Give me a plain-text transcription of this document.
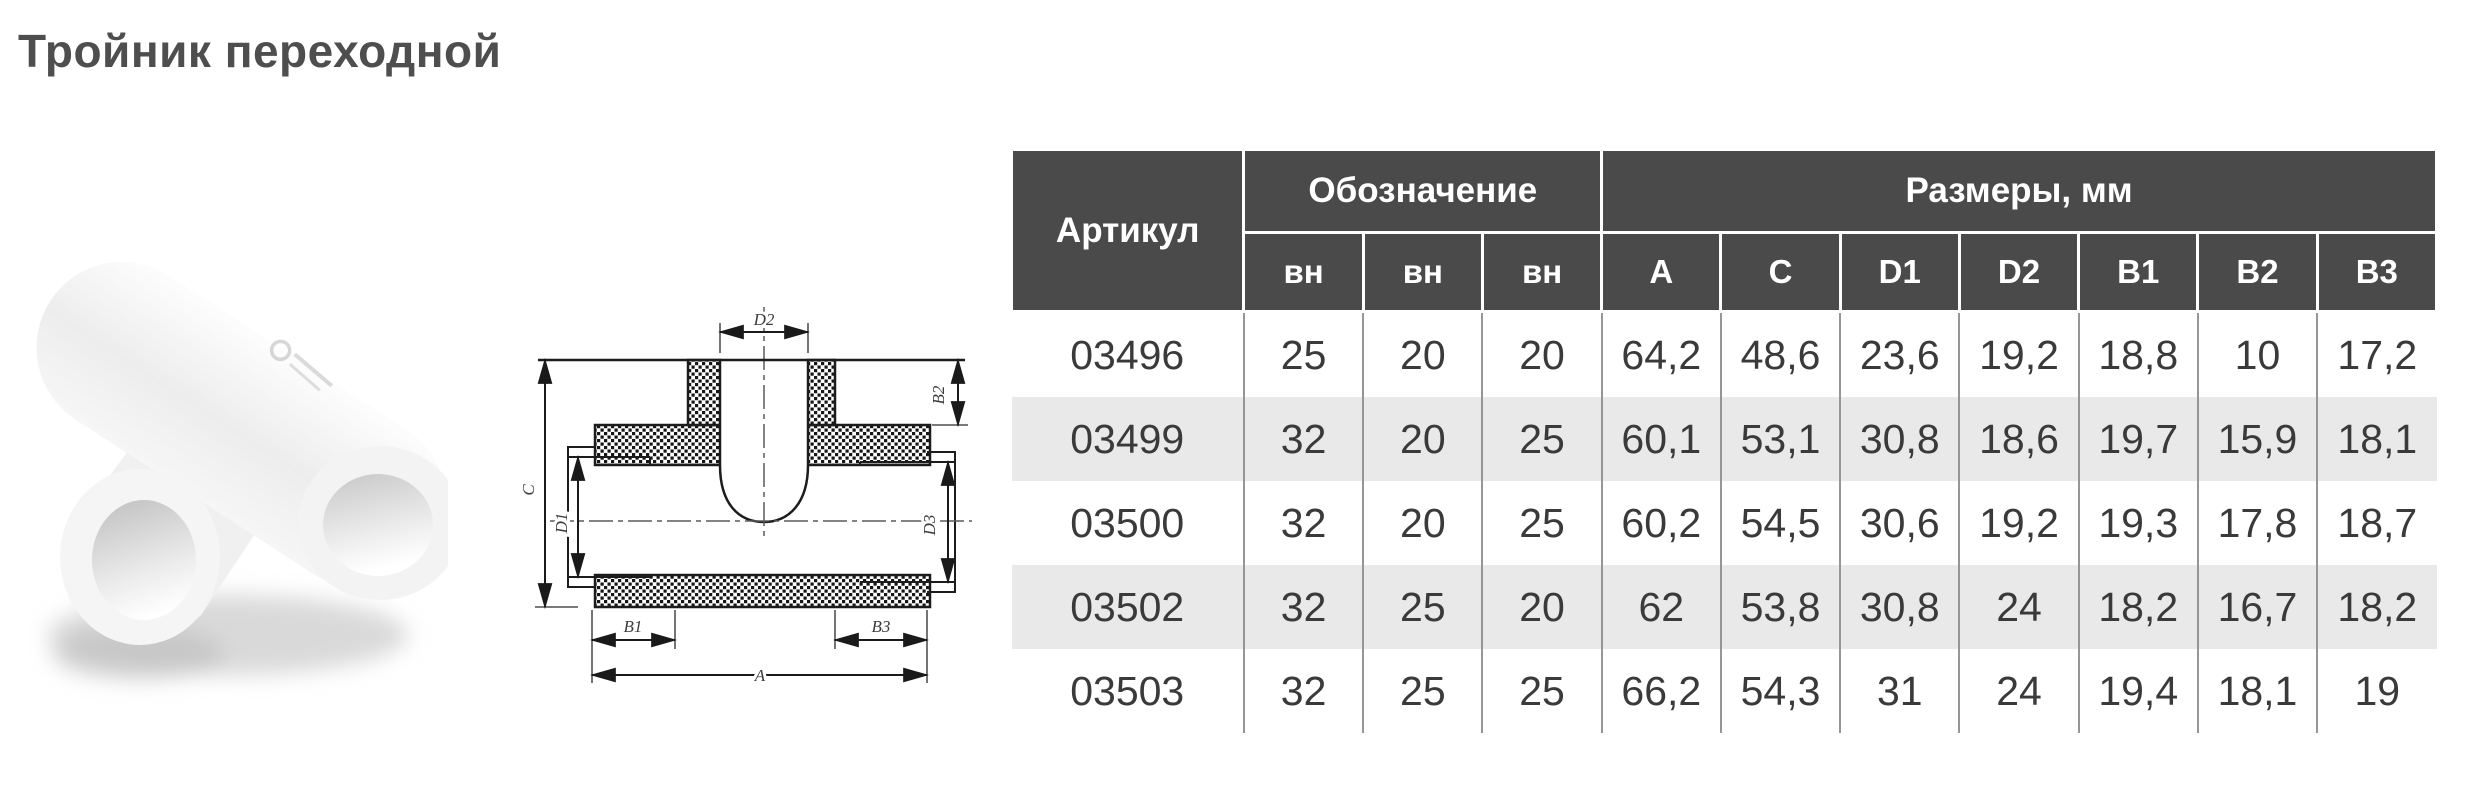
Тройник переходной
D2
C
D1
B2
D3
B1	B3
A
Артикул	Обозначение			Размеры, мм						
	вн	вн	вн	A	C	D1	D2	B1	B2	B3
03496	25	20	20	64,2	48,6	23,6	19,2	18,8	10	17,2
03499	32	20	25	60,1	53,1	30,8	18,6	19,7	15,9	18,1
03500	32	20	25	60,2	54,5	30,6	19,2	19,3	17,8	18,7
03502	32	25	20	62	53,8	30,8	24	18,2	16,7	18,2
03503	32	25	25	66,2	54,3	31	24	19,4	18,1	19
